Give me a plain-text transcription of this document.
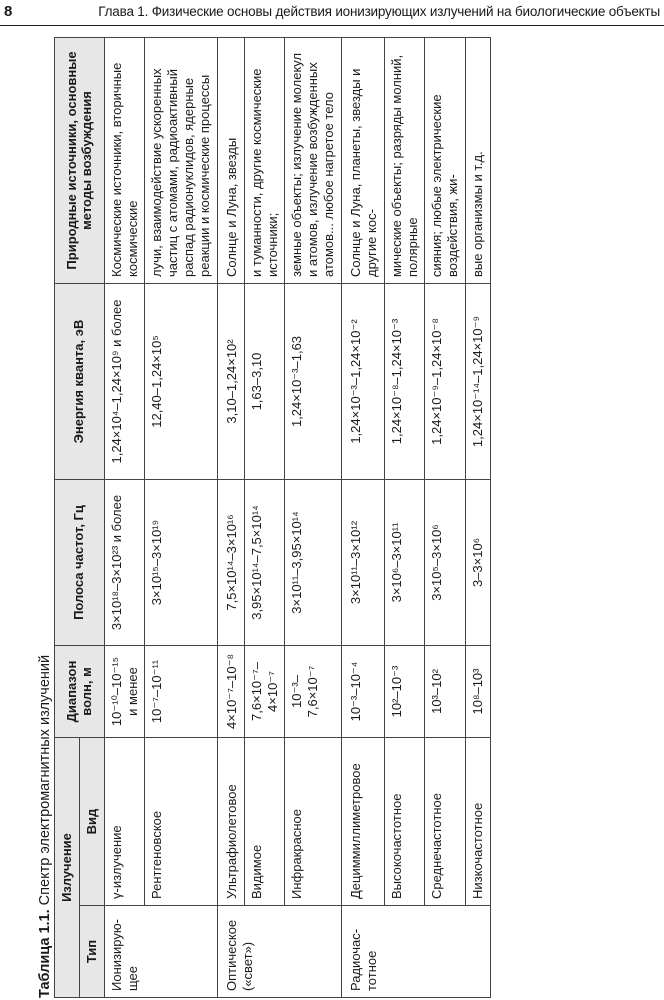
8	Глава 1. Физические основы действия ионизирующих излучений на биологические объекты
Таблица 1.1. Спектр электромагнитных излучений Излучение		Диапазон волн, м	Полоса частот, Гц	Энергия кванта, эВ	Природные источники, основные методы возбуждения
Тип	Вид				
Ионизирую-щее	γ-излучение	10⁻¹⁰–10⁻¹⁵ и менее	3×10¹⁸–3×10²³ и более	1,24×10⁴–1,24×10⁹ и более	Космические источники, вторичные космические
	Рентгеновское	10⁻⁷–10⁻¹¹	3×10¹⁵–3×10¹⁹	12,40–1,24×10⁵	лучи, взаимодействие ускоренных частиц с атомами, радиоактивный распад радионуклидов, ядерные реакции и космические процессы
Оптическое («свет»)	Ультрафиолетовое	4×10⁻⁷–10⁻⁸	7,5×10¹⁴–3×10¹⁶	3,10–1,24×10²	Солнце и Луна, звезды
	Видимое	7,6×10⁻⁷–4×10⁻⁷	3,95×10¹⁴–7,5×10¹⁴	1,63–3,10	и туманности, другие космические источники;
	Инфракрасное	10⁻³–7,6×10⁻⁷	3×10¹¹–3,95×10¹⁴	1,24×10⁻³–1,63	земные объекты; излучение молекул и атомов, излучение возбужденных атомов... любое нагретое тело
Радиочас-тотное	Дециммиллиметровое	10⁻³–10⁻⁴	3×10¹¹–3×10¹²	1,24×10⁻³–1,24×10⁻²	Солнце и Луна, планеты, звезды и другие кос-
	Высокочастотное	10²–10⁻³	3×10⁶–3×10¹¹	1,24×10⁻⁸–1,24×10⁻³	мические объекты; разряды молний, полярные
	Среднечастотное	10³–10²	3×10⁵–3×10⁶	1,24×10⁻⁹–1,24×10⁻⁸	сияния; любые электрические воздействия, жи-
	Низкочастотное	10⁸–10³	3–3×10⁶	1,24×10⁻¹⁴–1,24×10⁻⁹	вые организмы и т.д.
